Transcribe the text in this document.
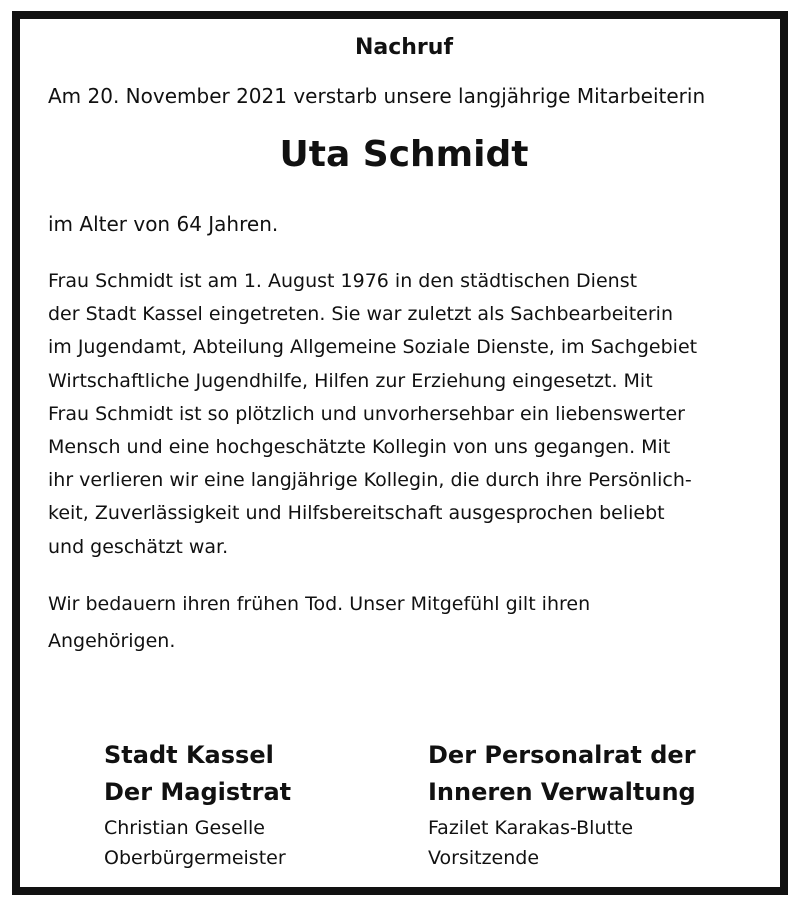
Nachruf

Am 20. November 2021 verstarb unsere langjährige Mitarbeiterin

Uta Schmidt

im Alter von 64 Jahren.

Frau Schmidt ist am 1. August 1976 in den städtischen Dienst
der Stadt Kassel eingetreten. Sie war zuletzt als Sachbearbeiterin
im Jugendamt, Abteilung Allgemeine Soziale Dienste, im Sachgebiet
Wirtschaftliche Jugendhilfe, Hilfen zur Erziehung eingesetzt. Mit
Frau Schmidt ist so plötzlich und unvorhersehbar ein liebenswerter
Mensch und eine hochgeschätzte Kollegin von uns gegangen. Mit
ihr verlieren wir eine langjährige Kollegin, die durch ihre Persönlich-
keit, Zuverlässigkeit und Hilfsbereitschaft ausgesprochen beliebt
und geschätzt war.
Wir bedauern ihren frühen Tod. Unser Mitgefühl gilt ihren
Angehörigen.
Stadt Kassel
Der Magistrat
Christian Geselle
Oberbürgermeister
Der Personalrat der
Inneren Verwaltung
Fazilet Karakas-Blutte
Vorsitzende
